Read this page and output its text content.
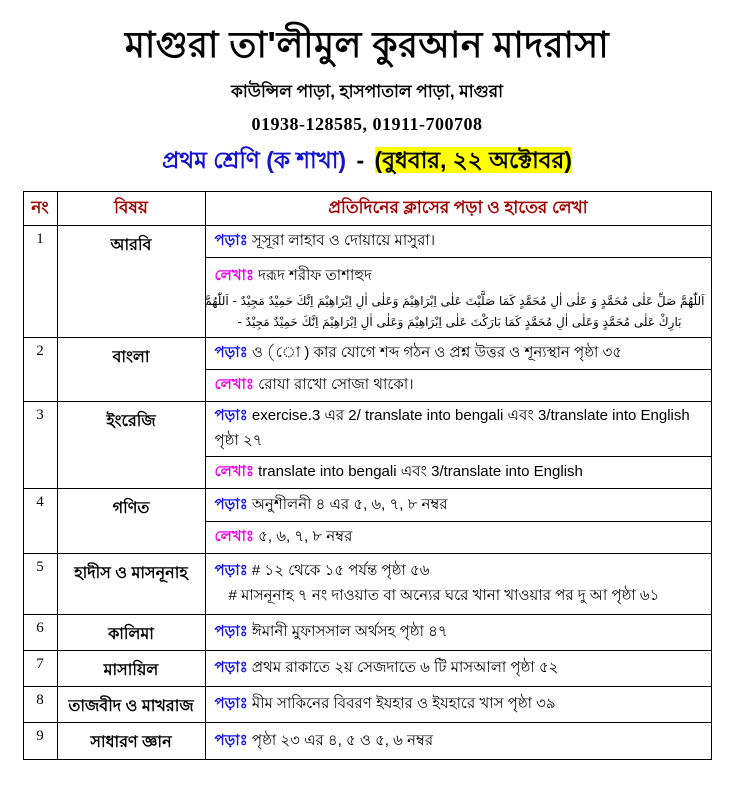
মাগুরা তা'লীমুল কুরআন মাদরাসা
কাউন্সিল পাড়া, হাসপাতাল পাড়া, মাগুরা
01938-128585, 01911-700708
প্রথম শ্রেণি (ক শাখা) - (বুধবার, ২২ অক্টোবর)
নং	বিষয়	প্রতিদিনের ক্লাসের পড়া ও হাতের লেখা
1	আরবি	পড়াঃ সূসূরা লাহাব ও দোয়ায়ে মাসুরা।

		লেখাঃ দরূদ শরীফ তাশাহুদ
اَللّٰهُمَّ صَلِّ عَلٰى مُحَمَّدٍ وَ عَلٰى اٰلِ مُحَمَّدٍ كَمَا صَلَّيْتَ عَلٰى اِبْرَاهِيْمَ وَعَلٰى اٰلِ اِبْرَاهِيْمَ اِنَّكَ حَمِيْدٌ مَجِيْدٌ - اَللّٰهُمَّ
بَارِكْ عَلٰى مُحَمَّدٍ وَعَلٰى اٰلِ مُحَمَّدٍ كَمَا بَارَكْتَ عَلٰى اِبْرَاهِيْمَ وَعَلٰى اٰلِ اِبْرَاهِيْمَ اِنَّكَ حَمِيْدٌ مَجِيْدٌ -

2	বাংলা	পড়াঃ ও (ো ) কার যোগে শব্দ গঠন ও প্রশ্ন উত্তর ও শূন্যস্থান পৃষ্ঠা ৩৫
		লেখাঃ রোযা রাখো সোজা থাকো।
3	ইংরেজি	পড়াঃ exercise.3 এর 2/ translate into bengali এবং 3/translate into English পৃষ্ঠা ২৭
		লেখাঃ translate into bengali এবং 3/translate into English
4	গণিত	পড়াঃ অনুশীলনী ৪ এর ৫, ৬, ৭, ৮ নম্বর
		লেখাঃ ৫, ৬, ৭, ৮ নম্বর
5	হাদীস ও মাসনূনাহ	পড়াঃ # ১২ থেকে ১৫ পর্যন্ত পৃষ্ঠা ৫৬
# মাসনূনাহ ৭ নং দাওয়াত বা অন্যের ঘরে খানা খাওয়ার পর দু আ পৃষ্ঠা ৬১

6	কালিমা	পড়াঃ ঈমানী মুফাসসাল অর্থসহ পৃষ্ঠা ৪৭
7	মাসায়িল	পড়াঃ প্রথম রাকাতে ২য় সেজদাতে ৬ টি মাসআলা পৃষ্ঠা ৫২
8	তাজবীদ ও মাখরাজ	পড়াঃ মীম সাকিনের বিবরণ ইযহার ও ইযহারে খাস পৃষ্ঠা ৩৯
9	সাধারণ জ্ঞান	পড়াঃ পৃষ্ঠা ২৩ এর ৪, ৫ ও ৫, ৬ নম্বর
